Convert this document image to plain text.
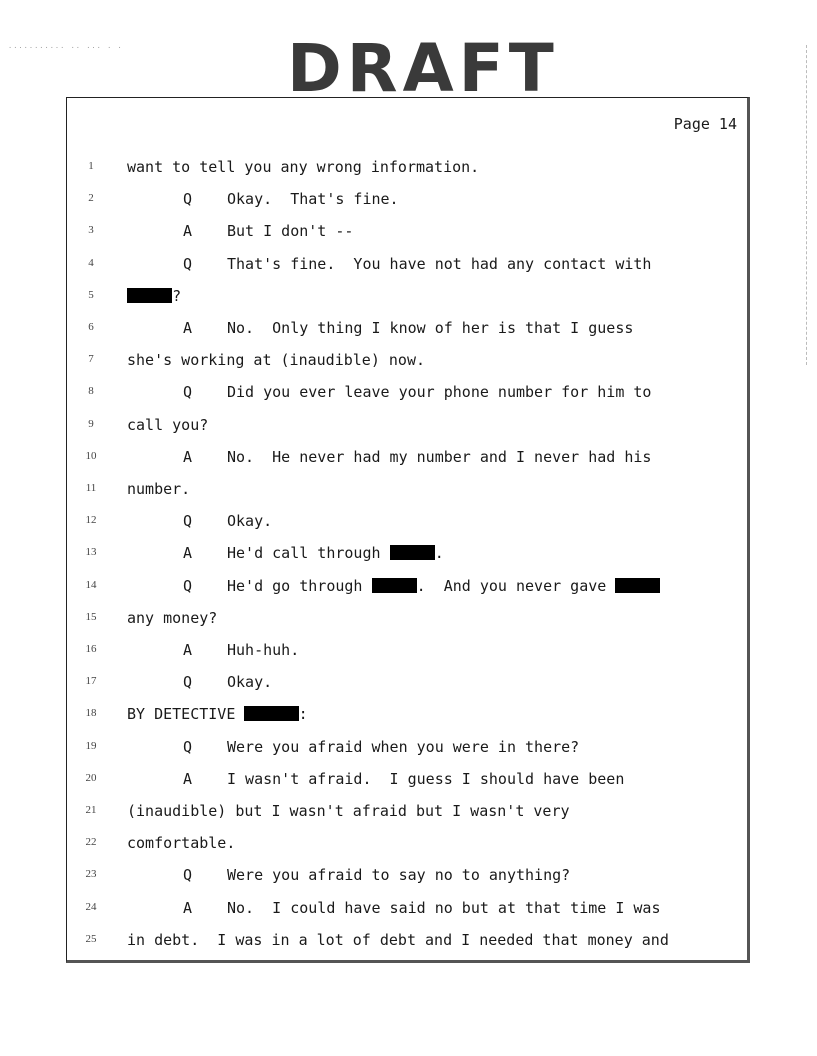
........... .. ... . . DRAFT
Page 14
1	want to tell you any wrong information.
2	Q Okay.  That's fine.
3	A But I don't --
4	Q That's fine.  You have not had any contact with
5	?
6	A No.  Only thing I know of her is that I guess
7	she's working at (inaudible) now.
8	Q Did you ever leave your phone number for him to
9	call you?
10	A No.  He never had my number and I never had his
11	number.
12	Q Okay.
13	A He'd call through	.
14	Q He'd go through	.  And you never gave
15	any money?
16	A Huh-huh.
17	Q Okay.
18	BY DETECTIVE	:
19	Q Were you afraid when you were in there?
20	A I wasn't afraid.  I guess I should have been
21	(inaudible) but I wasn't afraid but I wasn't very
22	comfortable.
23	Q Were you afraid to say no to anything?
24	A No.  I could have said no but at that time I was
25	in debt.  I was in a lot of debt and I needed that money and
